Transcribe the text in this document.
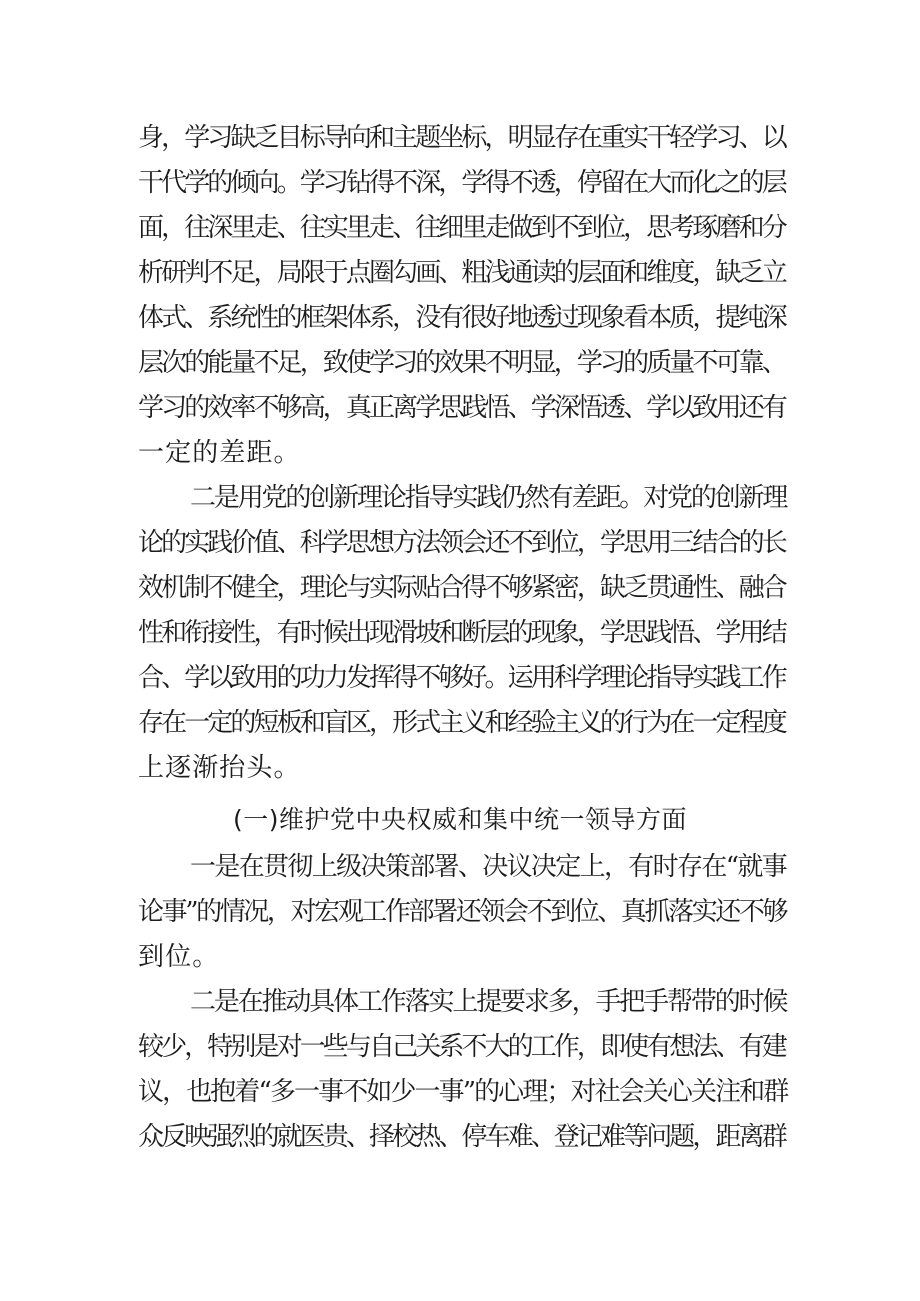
身，学习缺乏目标导向和主题坐标，明显存在重实干轻学习、以
干代学的倾向。学习钻得不深，学得不透，停留在大而化之的层
面，往深里走、往实里走、往细里走做到不到位，思考琢磨和分
析研判不足，局限于点圈勾画、粗浅通读的层面和维度，缺乏立
体式、系统性的框架体系，没有很好地透过现象看本质，提纯深
层次的能量不足，致使学习的效果不明显，学习的质量不可靠、
学习的效率不够高，真正离学思践悟、学深悟透、学以致用还有
一定的差距。
二是用党的创新理论指导实践仍然有差距。对党的创新理
论的实践价值、科学思想方法领会还不到位，学思用三结合的长
效机制不健全，理论与实际贴合得不够紧密，缺乏贯通性、融合
性和衔接性，有时候出现滑坡和断层的现象，学思践悟、学用结
合、学以致用的功力发挥得不够好。运用科学理论指导实践工作
存在一定的短板和盲区，形式主义和经验主义的行为在一定程度
上逐渐抬头。
(一)维护党中央权威和集中统一领导方面
一是在贯彻上级决策部署、决议决定上，有时存在“就事
论事”的情况，对宏观工作部署还领会不到位、真抓落实还不够
到位。
二是在推动具体工作落实上提要求多，手把手帮带的时候
较少，特别是对一些与自己关系不大的工作，即使有想法、有建
议，也抱着“多一事不如少一事”的心理；对社会关心关注和群
众反映强烈的就医贵、择校热、停车难、登记难等问题，距离群
